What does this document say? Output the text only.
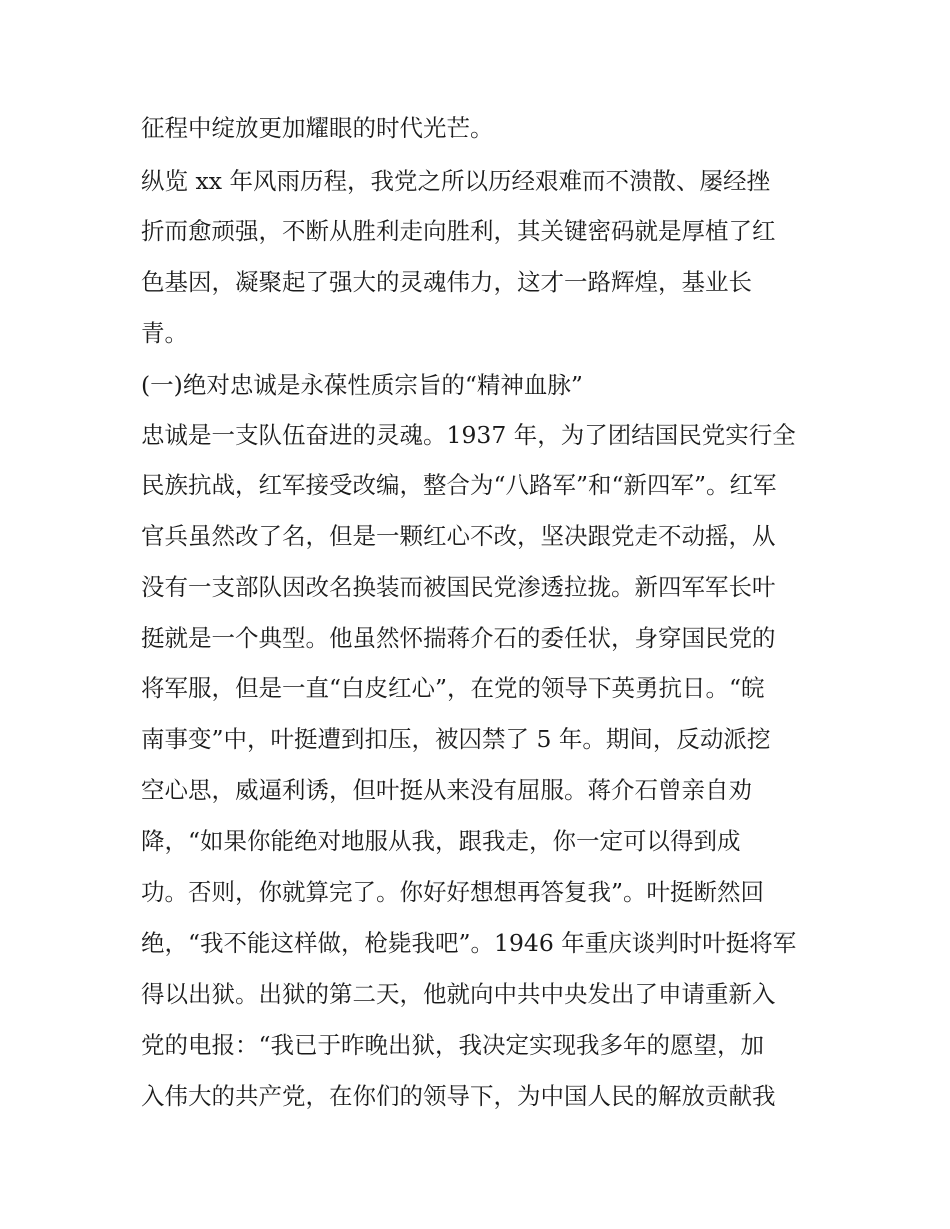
征程中绽放更加耀眼的时代光芒。

纵览 xx 年风雨历程，我党之所以历经艰难而不溃散、屡经挫

折而愈顽强，不断从胜利走向胜利，其关键密码就是厚植了红

色基因，凝聚起了强大的灵魂伟力，这才一路辉煌，基业长

青。

(一)绝对忠诚是永葆性质宗旨的“精神血脉”

忠诚是一支队伍奋进的灵魂。1937 年，为了团结国民党实行全

民族抗战，红军接受改编，整合为“八路军”和“新四军”。红军

官兵虽然改了名，但是一颗红心不改，坚决跟党走不动摇，从

没有一支部队因改名换装而被国民党渗透拉拢。新四军军长叶

挺就是一个典型。他虽然怀揣蒋介石的委任状，身穿国民党的

将军服，但是一直“白皮红心”，在党的领导下英勇抗日。“皖

南事变”中，叶挺遭到扣压，被囚禁了 5 年。期间，反动派挖

空心思，威逼利诱，但叶挺从来没有屈服。蒋介石曾亲自劝

降，“如果你能绝对地服从我，跟我走，你一定可以得到成

功。否则，你就算完了。你好好想想再答复我”。叶挺断然回

绝，“我不能这样做，枪毙我吧”。1946 年重庆谈判时叶挺将军

得以出狱。出狱的第二天，他就向中共中央发出了申请重新入

党的电报：“我已于昨晚出狱，我决定实现我多年的愿望，加

入伟大的共产党，在你们的领导下，为中国人民的解放贡献我
